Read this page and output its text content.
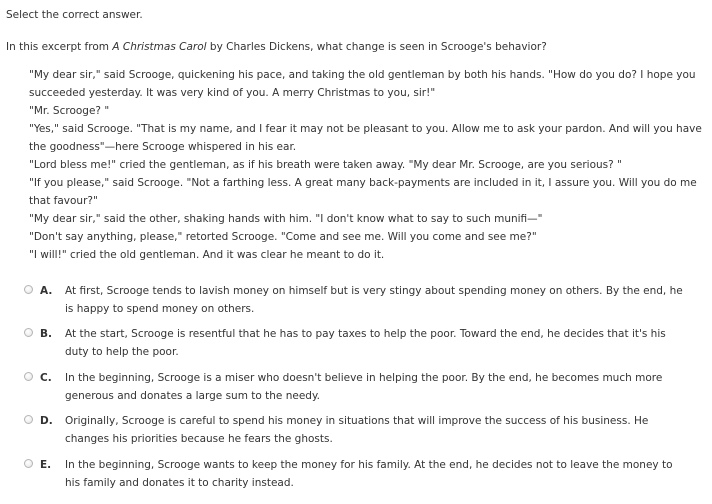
Select the correct answer.

In this excerpt from A Christmas Carol by Charles Dickens, what change is seen in Scrooge's behavior?

"My dear sir," said Scrooge, quickening his pace, and taking the old gentleman by both his hands. "How do you do? I hope you succeeded yesterday. It was very kind of you. A merry Christmas to you, sir!"

"Mr. Scrooge? "

"Yes," said Scrooge. "That is my name, and I fear it may not be pleasant to you. Allow me to ask your pardon. And will you have the goodness"—here Scrooge whispered in his ear.

"Lord bless me!" cried the gentleman, as if his breath were taken away. "My dear Mr. Scrooge, are you serious? "

"If you please," said Scrooge. "Not a farthing less. A great many back-payments are included in it, I assure you. Will you do me that favour?"

"My dear sir," said the other, shaking hands with him. "I don't know what to say to such munifi—"

"Don't say anything, please," retorted Scrooge. "Come and see me. Will you come and see me?"

"I will!" cried the old gentleman. And it was clear he meant to do it.

A. At first, Scrooge tends to lavish money on himself but is very stingy about spending money on others. By the end, he is happy to spend money on others.
B. At the start, Scrooge is resentful that he has to pay taxes to help the poor. Toward the end, he decides that it's his duty to help the poor.
C. In the beginning, Scrooge is a miser who doesn't believe in helping the poor. By the end, he becomes much more generous and donates a large sum to the needy.
D. Originally, Scrooge is careful to spend his money in situations that will improve the success of his business. He changes his priorities because he fears the ghosts.
E. In the beginning, Scrooge wants to keep the money for his family. At the end, he decides not to leave the money to his family and donates it to charity instead.
